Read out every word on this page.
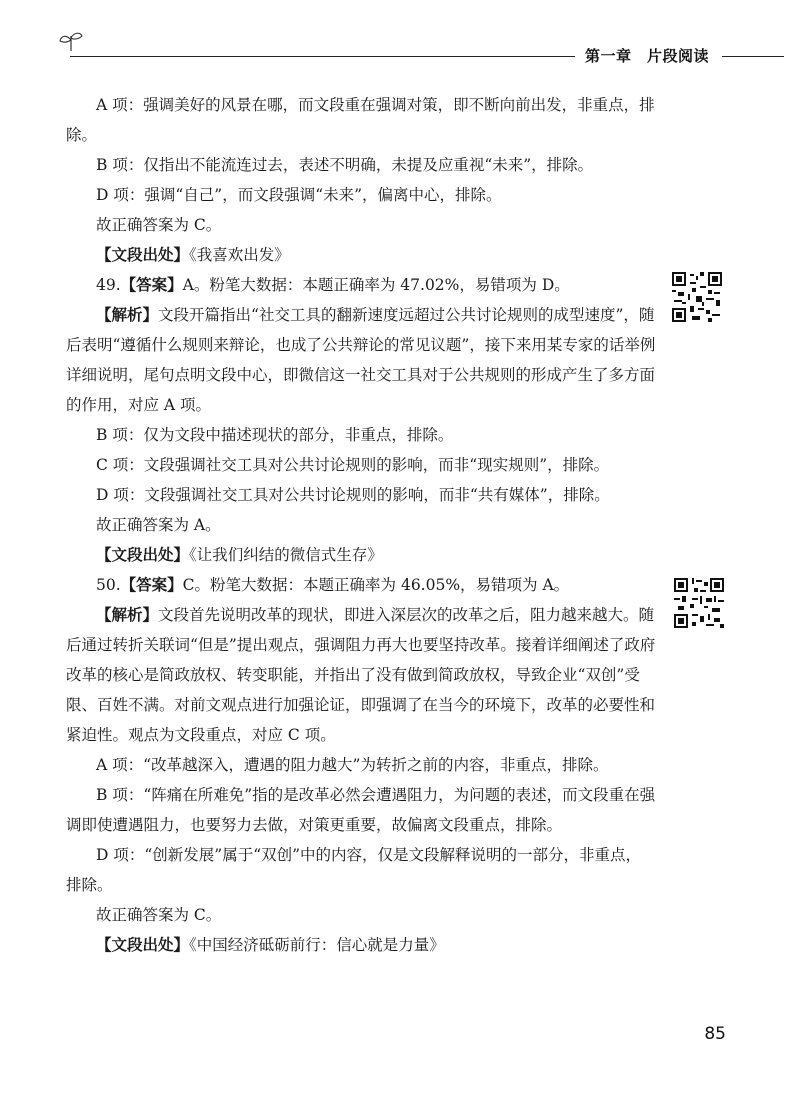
第一章　片段阅读

A 项：强调美好的风景在哪，而文段重在强调对策，即不断向前出发，非重点，排除。

B 项：仅指出不能流连过去，表述不明确，未提及应重视“未来”，排除。

D 项：强调“自己”，而文段强调“未来”，偏离中心，排除。

故正确答案为 C。

【文段出处】《我喜欢出发》

49.【答案】A。粉笔大数据：本题正确率为 47.02%，易错项为 D。

【解析】文段开篇指出“社交工具的翻新速度远超过公共讨论规则的成型速度”，随后表明“遵循什么规则来辩论，也成了公共辩论的常见议题”，接下来用某专家的话举例详细说明，尾句点明文段中心，即微信这一社交工具对于公共规则的形成产生了多方面的作用，对应 A 项。

B 项：仅为文段中描述现状的部分，非重点，排除。

C 项：文段强调社交工具对公共讨论规则的影响，而非“现实规则”，排除。

D 项：文段强调社交工具对公共讨论规则的影响，而非“共有媒体”，排除。

故正确答案为 A。

【文段出处】《让我们纠结的微信式生存》

50.【答案】C。粉笔大数据：本题正确率为 46.05%，易错项为 A。

【解析】文段首先说明改革的现状，即进入深层次的改革之后，阻力越来越大。随后通过转折关联词“但是”提出观点，强调阻力再大也要坚持改革。接着详细阐述了政府改革的核心是简政放权、转变职能，并指出了没有做到简政放权，导致企业“双创”受限、百姓不满。对前文观点进行加强论证，即强调了在当今的环境下，改革的必要性和紧迫性。观点为文段重点，对应 C 项。

A 项：“改革越深入，遭遇的阻力越大”为转折之前的内容，非重点，排除。

B 项：“阵痛在所难免”指的是改革必然会遭遇阻力，为问题的表述，而文段重在强调即使遭遇阻力，也要努力去做，对策更重要，故偏离文段重点，排除。

D 项：“创新发展”属于“双创”中的内容，仅是文段解释说明的一部分，非重点，排除。

故正确答案为 C。

【文段出处】《中国经济砥砺前行：信心就是力量》

85
